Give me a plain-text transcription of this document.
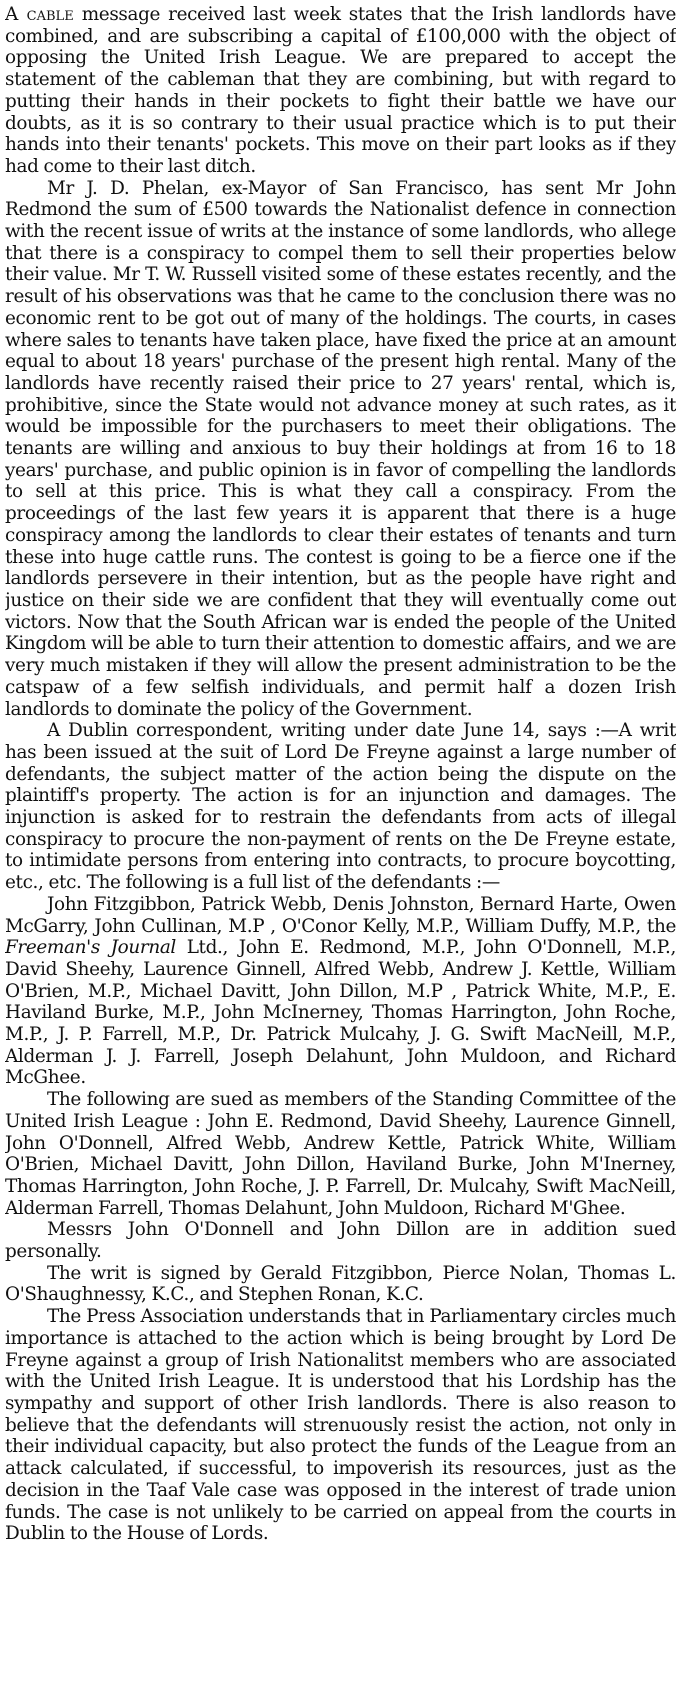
A cable message received last week states that the Irish landlords have combined, and are subscribing a capital of £100,000 with the object of opposing the United Irish League. We are prepared to accept the statement of the cableman that they are combining, but with regard to putting their hands in their pockets to fight their battle we have our doubts, as it is so contrary to their usual practice which is to put their hands into their tenants' pockets. This move on their part looks as if they had come to their last ditch.

Mr J. D. Phelan, ex-Mayor of San Francisco, has sent Mr John Redmond the sum of £500 towards the Nationalist defence in connection with the recent issue of writs at the instance of some landlords, who allege that there is a conspiracy to compel them to sell their properties below their value. Mr T. W. Russell visited some of these estates recently, and the result of his observations was that he came to the conclusion there was no economic rent to be got out of many of the holdings. The courts, in cases where sales to tenants have taken place, have fixed the price at an amount equal to about 18 years' purchase of the present high rental. Many of the landlords have recently raised their price to 27 years' rental, which is, prohibitive, since the State would not advance money at such rates, as it would be impossible for the purchasers to meet their obligations. The tenants are willing and anxious to buy their holdings at from 16 to 18 years' purchase, and public opinion is in favor of compelling the landlords to sell at this price. This is what they call a conspiracy. From the proceedings of the last few years it is apparent that there is a huge conspiracy among the landlords to clear their estates of tenants and turn these into huge cattle runs. The contest is going to be a fierce one if the landlords persevere in their intention, but as the people have right and justice on their side we are confident that they will eventually come out victors. Now that the South African war is ended the people of the United Kingdom will be able to turn their attention to domestic affairs, and we are very much mistaken if they will allow the present administration to be the catspaw of a few selfish individuals, and permit half a dozen Irish landlords to dominate the policy of the Government.

A Dublin correspondent, writing under date June 14, says :—A writ has been issued at the suit of Lord De Freyne against a large number of defendants, the subject matter of the action being the dispute on the plaintiff's property. The action is for an injunction and damages. The injunction is asked for to restrain the defendants from acts of illegal conspiracy to procure the non-payment of rents on the De Freyne estate, to intimidate persons from entering into contracts, to procure boycotting, etc., etc. The following is a full list of the defendants :—

John Fitzgibbon, Patrick Webb, Denis Johnston, Bernard Harte, Owen McGarry, John Cullinan, M.P , O'Conor Kelly, M.P., William Duffy, M.P., the Freeman's Journal Ltd., John E. Redmond, M.P., John O'Donnell, M.P., David Sheehy, Laurence Ginnell, Alfred Webb, Andrew J. Kettle, William O'Brien, M.P., Michael Davitt, John Dillon, M.P , Patrick White, M.P., E. Haviland Burke, M.P., John McInerney, Thomas Harrington, John Roche, M.P., J. P. Farrell, M.P., Dr. Patrick Mulcahy, J. G. Swift MacNeill, M.P., Alderman J. J. Farrell, Joseph Delahunt, John Muldoon, and Richard McGhee.

The following are sued as members of the Standing Committee of the United Irish League : John E. Redmond, David Sheehy, Laurence Ginnell, John O'Donnell, Alfred Webb, Andrew Kettle, Patrick White, William O'Brien, Michael Davitt, John Dillon, Haviland Burke, John M'Inerney, Thomas Harrington, John Roche, J. P. Farrell, Dr. Mulcahy, Swift MacNeill, Alderman Farrell, Thomas Delahunt, John Muldoon, Richard M'Ghee.

Messrs John O'Donnell and John Dillon are in addition sued personally.

The writ is signed by Gerald Fitzgibbon, Pierce Nolan, Thomas L. O'Shaughnessy, K.C., and Stephen Ronan, K.C.

The Press Association understands that in Parliamentary circles much importance is attached to the action which is being brought by Lord De Freyne against a group of Irish Nationalitst members who are associated with the United Irish League. It is understood that his Lordship has the sympathy and support of other Irish landlords. There is also reason to believe that the defendants will strenuously resist the action, not only in their individual capacity, but also protect the funds of the League from an attack calculated, if successful, to impoverish its resources, just as the decision in the Taaf Vale case was opposed in the interest of trade union funds. The case is not unlikely to be carried on appeal from the courts in Dublin to the House of Lords.
